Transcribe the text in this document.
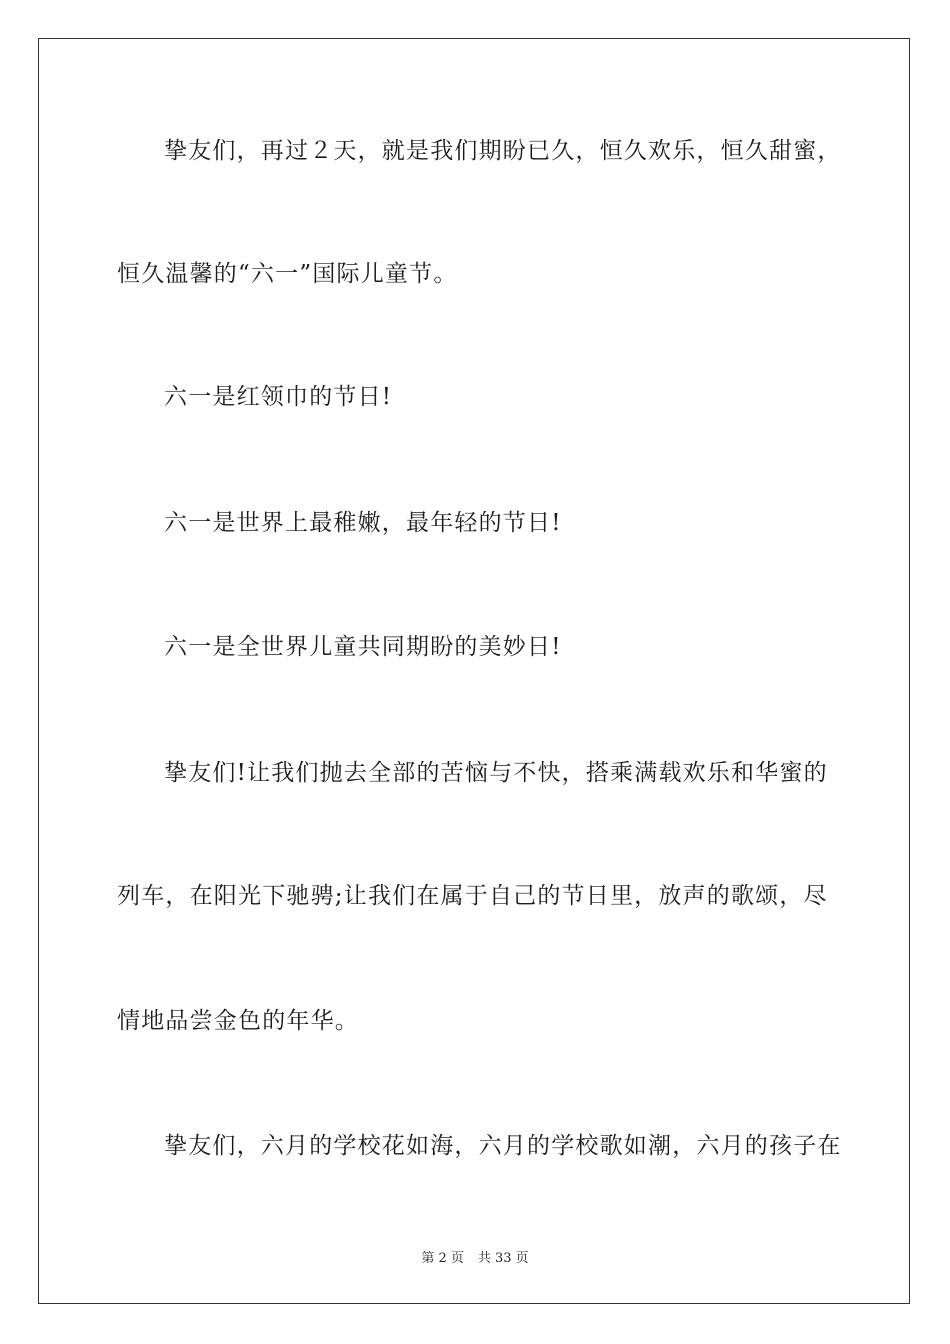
挚友们，再过２天，就是我们期盼已久，恒久欢乐，恒久甜蜜，
恒久温馨的“六一”国际儿童节。
六一是红领巾的节日!
六一是世界上最稚嫩，最年轻的节日!
六一是全世界儿童共同期盼的美妙日!
挚友们!让我们抛去全部的苦恼与不快，搭乘满载欢乐和华蜜的
列车，在阳光下驰骋;让我们在属于自己的节日里，放声的歌颂，尽
情地品尝金色的年华。
挚友们，六月的学校花如海，六月的学校歌如潮，六月的孩子在
第 2 页 共 33 页
